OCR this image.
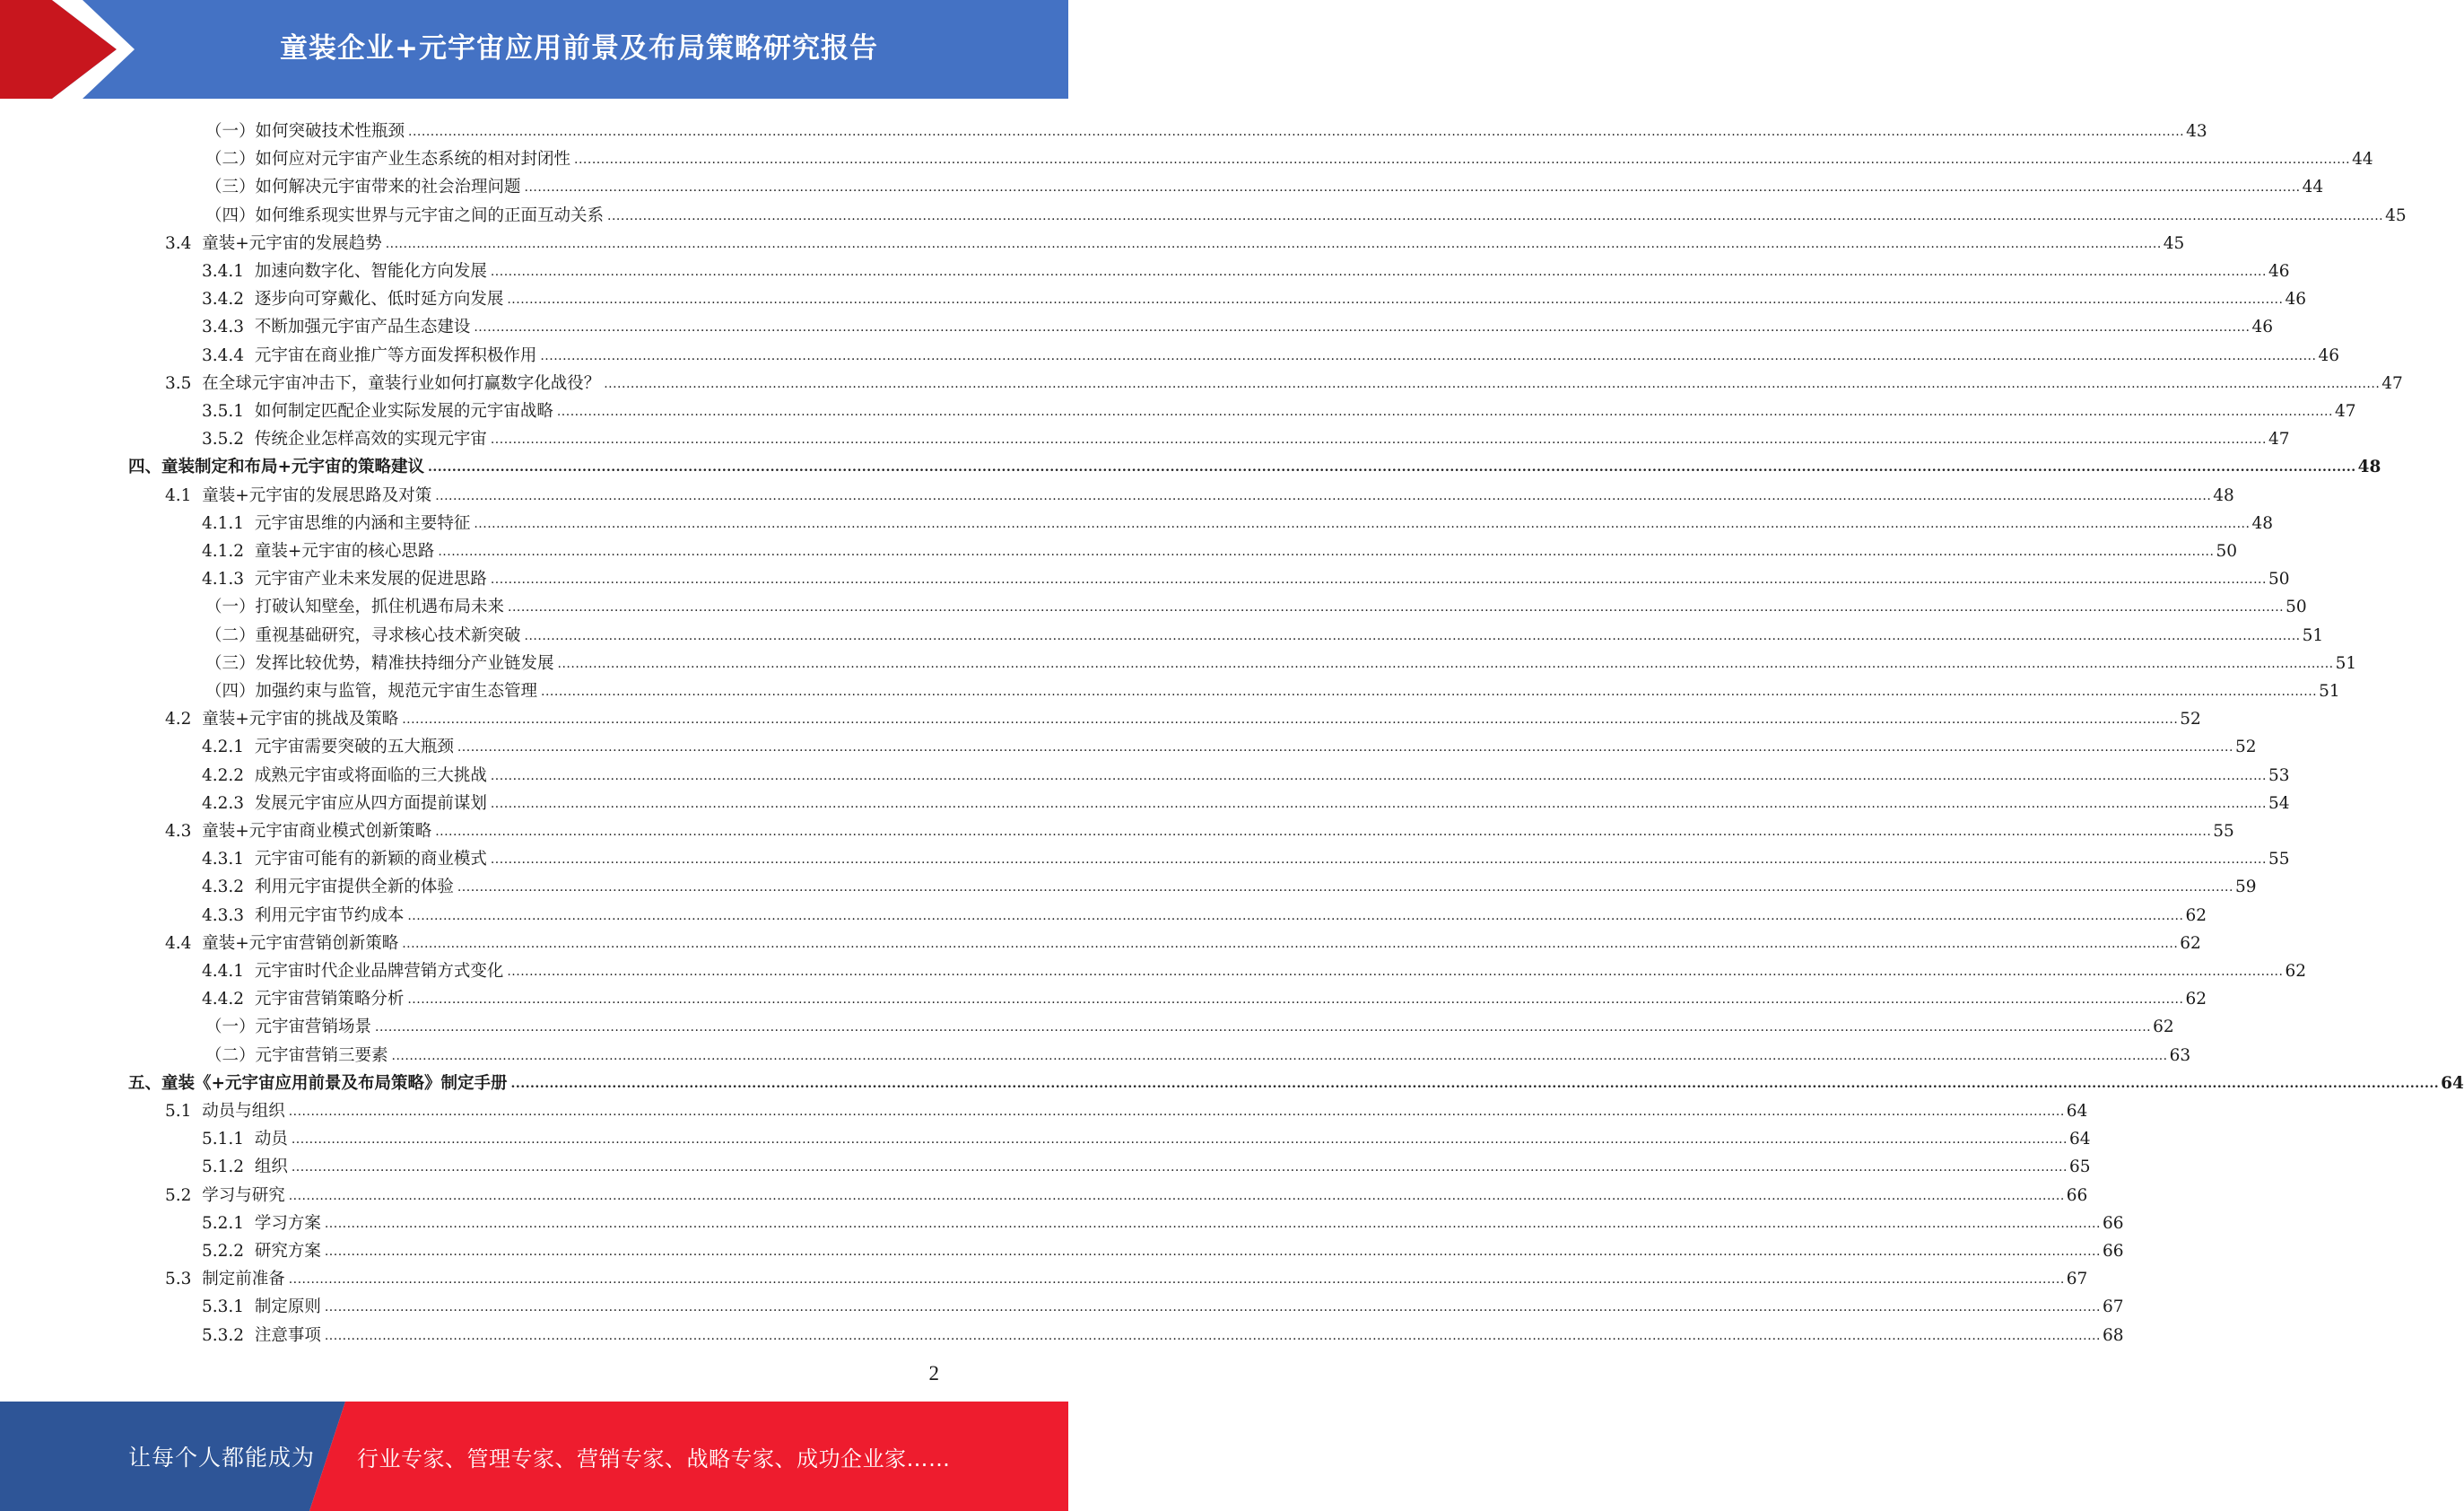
童装企业+元宇宙应用前景及布局策略研究报告
（一） 如何突破技术性瓶颈 ................................................................................................................................................................................................................................................................................................................................................................................................................ 43
（二） 如何应对元宇宙产业生态系统的相对封闭性 ................................................................................................................................................................................................................................................................................................................................................................................................................ 44
（三） 如何解决元宇宙带来的社会治理问题 ................................................................................................................................................................................................................................................................................................................................................................................................................ 44
（四） 如何维系现实世界与元宇宙之间的正面互动关系 ................................................................................................................................................................................................................................................................................................................................................................................................................ 45
3.4 童装+元宇宙的发展趋势 ................................................................................................................................................................................................................................................................................................................................................................................................................ 45
3.4.1 加速向数字化、智能化方向发展 ................................................................................................................................................................................................................................................................................................................................................................................................................ 46
3.4.2 逐步向可穿戴化、低时延方向发展 ................................................................................................................................................................................................................................................................................................................................................................................................................ 46
3.4.3 不断加强元宇宙产品生态建设 ................................................................................................................................................................................................................................................................................................................................................................................................................ 46
3.4.4 元宇宙在商业推广等方面发挥积极作用 ................................................................................................................................................................................................................................................................................................................................................................................................................ 46
3.5 在全球元宇宙冲击下，童装行业如何打赢数字化战役？ ................................................................................................................................................................................................................................................................................................................................................................................................................ 47
3.5.1 如何制定匹配企业实际发展的元宇宙战略 ................................................................................................................................................................................................................................................................................................................................................................................................................ 47
3.5.2 传统企业怎样高效的实现元宇宙 ................................................................................................................................................................................................................................................................................................................................................................................................................ 47
四、 童装制定和布局+元宇宙的策略建议 ................................................................................................................................................................................................................................................................................................................................................................................................................ 48
4.1 童装+元宇宙的发展思路及对策 ................................................................................................................................................................................................................................................................................................................................................................................................................ 48
4.1.1 元宇宙思维的内涵和主要特征 ................................................................................................................................................................................................................................................................................................................................................................................................................ 48
4.1.2 童装+元宇宙的核心思路 ................................................................................................................................................................................................................................................................................................................................................................................................................ 50
4.1.3 元宇宙产业未来发展的促进思路 ................................................................................................................................................................................................................................................................................................................................................................................................................ 50
（一） 打破认知壁垒，抓住机遇布局未来 ................................................................................................................................................................................................................................................................................................................................................................................................................ 50
（二） 重视基础研究，寻求核心技术新突破 ................................................................................................................................................................................................................................................................................................................................................................................................................ 51
（三） 发挥比较优势，精准扶持细分产业链发展 ................................................................................................................................................................................................................................................................................................................................................................................................................ 51
（四） 加强约束与监管，规范元宇宙生态管理 ................................................................................................................................................................................................................................................................................................................................................................................................................ 51
4.2 童装+元宇宙的挑战及策略 ................................................................................................................................................................................................................................................................................................................................................................................................................ 52
4.2.1 元宇宙需要突破的五大瓶颈 ................................................................................................................................................................................................................................................................................................................................................................................................................ 52
4.2.2 成熟元宇宙或将面临的三大挑战 ................................................................................................................................................................................................................................................................................................................................................................................................................ 53
4.2.3 发展元宇宙应从四方面提前谋划 ................................................................................................................................................................................................................................................................................................................................................................................................................ 54
4.3 童装+元宇宙商业模式创新策略 ................................................................................................................................................................................................................................................................................................................................................................................................................ 55
4.3.1 元宇宙可能有的新颖的商业模式 ................................................................................................................................................................................................................................................................................................................................................................................................................ 55
4.3.2 利用元宇宙提供全新的体验 ................................................................................................................................................................................................................................................................................................................................................................................................................ 59
4.3.3 利用元宇宙节约成本 ................................................................................................................................................................................................................................................................................................................................................................................................................ 62
4.4 童装+元宇宙营销创新策略 ................................................................................................................................................................................................................................................................................................................................................................................................................ 62
4.4.1 元宇宙时代企业品牌营销方式变化 ................................................................................................................................................................................................................................................................................................................................................................................................................ 62
4.4.2 元宇宙营销策略分析 ................................................................................................................................................................................................................................................................................................................................................................................................................ 62
（一） 元宇宙营销场景 ................................................................................................................................................................................................................................................................................................................................................................................................................ 62
（二） 元宇宙营销三要素 ................................................................................................................................................................................................................................................................................................................................................................................................................ 63
五、 童装《+元宇宙应用前景及布局策略》制定手册 ................................................................................................................................................................................................................................................................................................................................................................................................................ 64
5.1 动员与组织 ................................................................................................................................................................................................................................................................................................................................................................................................................ 64
5.1.1 动员 ................................................................................................................................................................................................................................................................................................................................................................................................................ 64
5.1.2 组织 ................................................................................................................................................................................................................................................................................................................................................................................................................ 65
5.2 学习与研究 ................................................................................................................................................................................................................................................................................................................................................................................................................ 66
5.2.1 学习方案 ................................................................................................................................................................................................................................................................................................................................................................................................................ 66
5.2.2 研究方案 ................................................................................................................................................................................................................................................................................................................................................................................................................ 66
5.3 制定前准备 ................................................................................................................................................................................................................................................................................................................................................................................................................ 67
5.3.1 制定原则 ................................................................................................................................................................................................................................................................................................................................................................................................................ 67
5.3.2 注意事项 ................................................................................................................................................................................................................................................................................................................................................................................................................ 68
2
让每个人都能成为 行业专家、管理专家、营销专家、战略专家、成功企业家……
